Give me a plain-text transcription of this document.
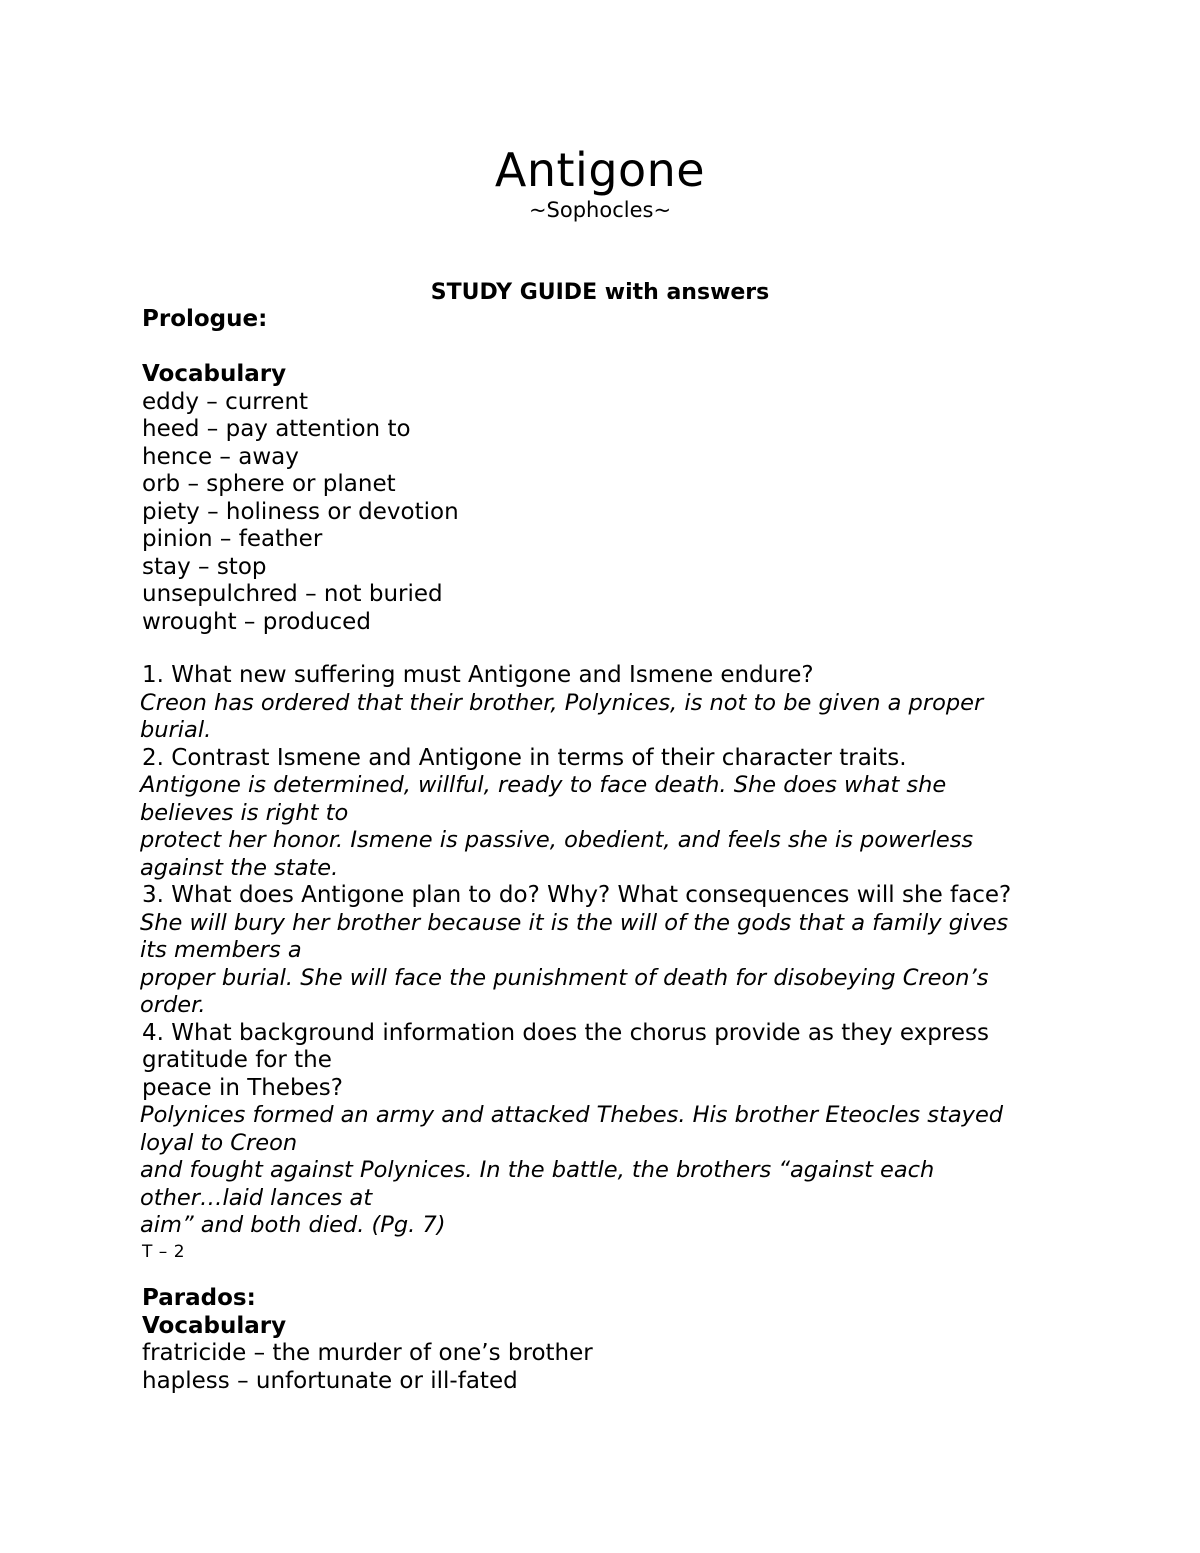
Antigone
~Sophocles~
STUDY GUIDE with answers
Prologue:
Vocabulary
eddy – current
heed – pay attention to
hence – away
orb – sphere or planet
piety – holiness or devotion
pinion – feather
stay – stop
unsepulchred – not buried
wrought – produced
1. What new suffering must Antigone and Ismene endure?
Creon has ordered that their brother, Polynices, is not to be given a proper
burial.
2. Contrast Ismene and Antigone in terms of their character traits.
Antigone is determined, willful, ready to face death. She does what she
believes is right to
protect her honor. Ismene is passive, obedient, and feels she is powerless
against the state.
3. What does Antigone plan to do? Why? What consequences will she face?
She will bury her brother because it is the will of the gods that a family gives
its members a
proper burial. She will face the punishment of death for disobeying Creon’s
order.
4. What background information does the chorus provide as they express
gratitude for the
peace in Thebes?
Polynices formed an army and attacked Thebes. His brother Eteocles stayed
loyal to Creon
and fought against Polynices. In the battle, the brothers “against each
other…laid lances at
aim” and both died. (Pg. 7)
T – 2
Parados:
Vocabulary
fratricide – the murder of one’s brother
hapless – unfortunate or ill-fated
